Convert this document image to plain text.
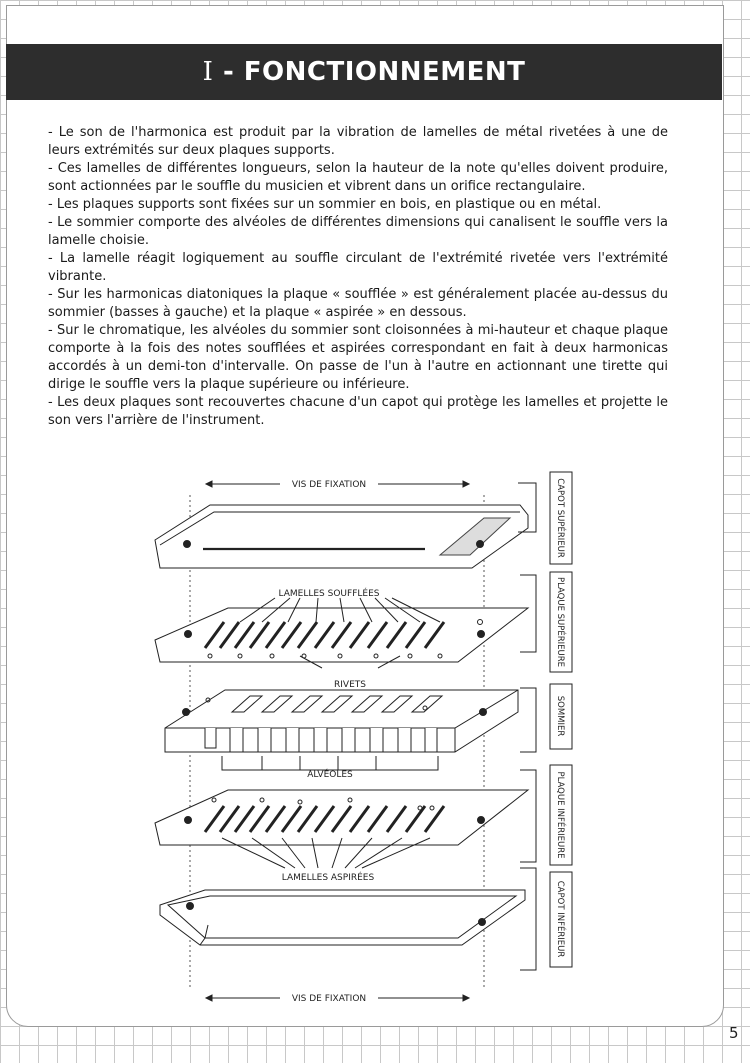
I - FONCTIONNEMENT

- Le son de l'harmonica est produit par la vibration de lamelles de métal rivetées à une de leurs extrémités sur deux plaques supports.

- Ces lamelles de différentes longueurs, selon la hauteur de la note qu'elles doivent produire, sont actionnées par le souffle du musicien et vibrent dans un orifice rectangulaire.

- Les plaques supports sont fixées sur un sommier en bois, en plastique ou en métal.

- Le sommier comporte des alvéoles de différentes dimensions qui canalisent le souffle vers la lamelle choisie.

- La lamelle réagit logiquement au souffle circulant de l'extrémité rivetée vers l'extrémité vibrante.

- Sur les harmonicas diatoniques la plaque « soufflée » est généralement placée au-dessus du sommier (basses à gauche) et la plaque « aspirée » en dessous.

- Sur le chromatique, les alvéoles du sommier sont cloisonnées à mi-hauteur et chaque plaque comporte à la fois des notes soufflées et aspirées correspondant en fait à deux harmonicas accordés à un demi-ton d'intervalle. On passe de l'un à l'autre en actionnant une tirette qui dirige le souffle vers la plaque supérieure ou inférieure.

- Les deux plaques sont recouvertes chacune d'un capot qui protège les lamelles et projette le son vers l'arrière de l'instrument.

VIS DE FIXATION
LAMELLES SOUFFLÉES
RIVETS
ALVÉOLES
LAMELLES ASPIRÉES
VIS DE FIXATION
CAPOT SUPÉRIEUR
PLAQUE SUPÉRIEURE
SOMMIER
PLAQUE INFÉRIEURE
CAPOT INFÉRIEUR
5
